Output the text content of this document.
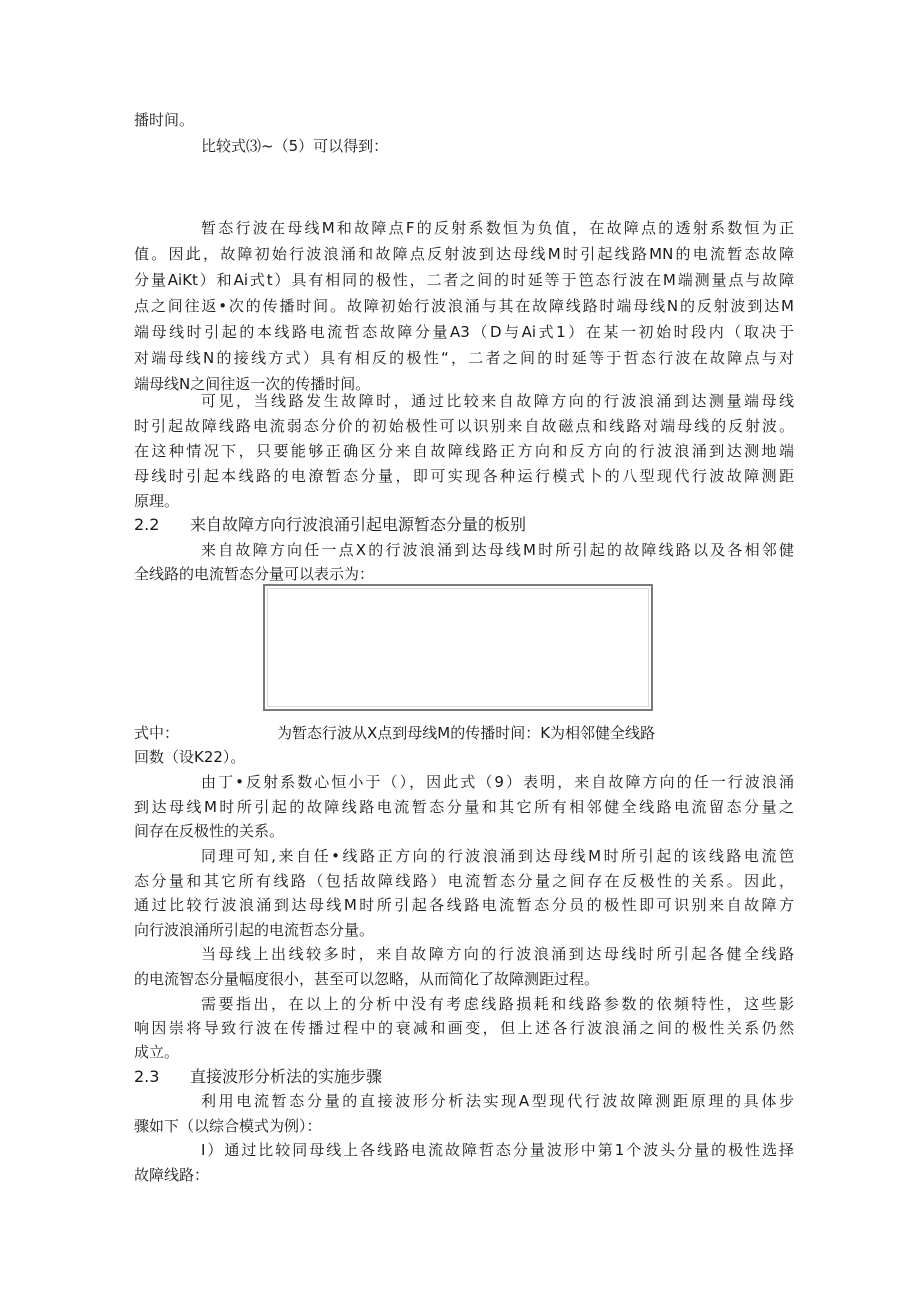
播时间。
比较式⑶~（5）可以得到：
暂态行波在母线M和故障点F的反射系数恒为负值，在故障点的透射系数恒为正
值。因此，故障初始行波浪涌和故障点反射波到达母线M时引起线路MN的电流暂态故障
分量AiKt）和Ai式t）具有相同的极性，二者之间的时延等于笆态行波在M端测量点与故障
点之间往返•次的传播时间。故障初始行波浪涌与其在故障线路时端母线N的反射波到达M
端母线时引起的本线路电流哲态故障分量A3（D与Ai式1）在某一初始时段内（取决于
对端母线N的接线方式）具有相反的极性“，二者之间的时延等于哲态行波在故障点与对
端母线N之间往返一次的传播时间。
可见，当线路发生故障时，通过比较来自故障方向的行波浪涌到达测量端母线
时引起故障线路电流弱态分价的初始极性可以识别来自故磁点和线路对端母线的反射波。
在这种情况下，只要能够正确区分来自故障线路正方向和反方向的行波浪涌到达测地端
母线时引起本线路的电潦暂态分量，即可实现各种运行模式卜的八型现代行波故障测距
原理。
2.2 来自故障方向行波浪涌引起电源暂态分量的板别
来自故障方向任一点X的行波浪涌到达母线M时所引起的故障线路以及各相邻健
全线路的电流暂态分量可以表示为：
式中：	为暂态行波从X点到母线M的传播时间：K为相邻健全线路
回数（设K22）。
由丁•反射系数心恒小于（），因此式（9）表明，来自故障方向的任一行波浪涌
到达母线M时所引起的故障线路电流暂态分量和其它所有相邻健全线路电流留态分量之
间存在反极性的关系。
同理可知,来自任•线路正方向的行波浪涌到达母线M时所引起的该线路电流笆
态分量和其它所有线路（包括故障线路）电流暂态分量之间存在反极性的关系。因此，
通过比较行波浪涌到达母线M时所引起各线路电流暂态分员的极性即可识别来自故障方
向行波浪涌所引起的电流哲态分量。
当母线上出线较多时，来自故障方向的行波浪涌到达母线时所引起各健全线路
的电流智态分量幅度很小，甚至可以忽略，从而简化了故障测距过程。
需要指出，在以上的分析中没有考虑线路损耗和线路参数的依頻特性，这些影
响因崇将导致行波在传播过程中的衰减和画变，但上述各行波浪涌之间的极性关系仍然
成立。
2.3 直接波形分析法的实施步骤
利用电流暂态分量的直接波形分析法实现A型现代行波故障测距原理的具体步
骤如下（以综合模式为例）：
I）通过比较同母线上各线路电流故障哲态分量波形中第1个波头分量的极性选择
故障线路：
